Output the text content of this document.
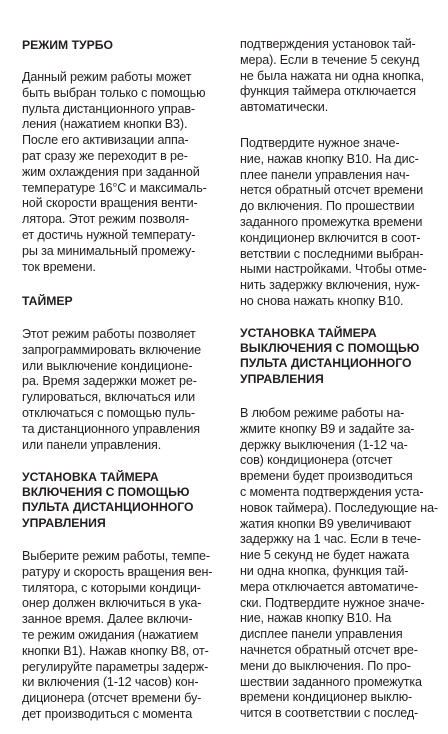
РЕЖИМ ТУРБО
Данный режим работы может
быть выбран только с помощью
пульта дистанционного управ-
ления (нажатием кнопки B3).
После его активизации аппа-
рат сразу же переходит в ре-
жим охлаждения при заданной
температуре 16°C и максималь-
ной скорости вращения венти-
лятора. Этот режим позволя-
ет достичь нужной температу-
ры за минимальный промежу-
ток времени.
ТАЙМЕР
Этот режим работы позволяет
запрограммировать включение
или выключение кондиционе-
ра. Время задержки может ре-
гулироваться, включаться или
отключаться с помощью пуль-
та дистанционного управления
или панели управления.
УСТАНОВКА ТАЙМЕРА
ВКЛЮЧЕНИЯ С ПОМОЩЬЮ
ПУЛЬТА ДИСТАНЦИОННОГО
УПРАВЛЕНИЯ
Выберите режим работы, темпе-
ратуру и скорость вращения вен-
тилятора, с которыми кондици-
онер должен включиться в ука-
занное время. Далее включи-
те режим ожидания (нажатием
кнопки B1). Нажав кнопку B8, от-
регулируйте параметры задерж-
ки включения (1-12 часов) кон-
диционера (отсчет времени бу-
дет производиться с момента
подтверждения установок тай-
мера). Если в течение 5 секунд
не была нажата ни одна кнопка,
функция таймера отключается
автоматически.
Подтвердите нужное значе-
ние, нажав кнопку B10. На дис-
плее панели управления нач-
нется обратный отсчет времени
до включения. По прошествии
заданного промежутка времени
кондиционер включится в соот-
ветствии с последними выбран-
ными настройками. Чтобы отме-
нить задержку включения, нуж-
но снова нажать кнопку B10.
УСТАНОВКА ТАЙМЕРА
ВЫКЛЮЧЕНИЯ С ПОМОЩЬЮ
ПУЛЬТА ДИСТАНЦИОННОГО
УПРАВЛЕНИЯ
В любом режиме работы на-
жмите кнопку B9 и задайте за-
держку выключения (1-12 ча-
сов) кондиционера (отсчет
времени будет производиться
с момента подтверждения уста-
новок таймера). Последующие на-
жатия кнопки B9 увеличивают
задержку на 1 час. Если в тече-
ние 5 секунд не будет нажата
ни одна кнопка, функция тай-
мера отключается автоматиче-
ски. Подтвердите нужное значе-
ние, нажав кнопку B10. На
дисплее панели управления
начнется обратный отсчет вре-
мени до выключения. По про-
шествии заданного промежутка
времени кондиционер выклю-
чится в соответствии с послед-
